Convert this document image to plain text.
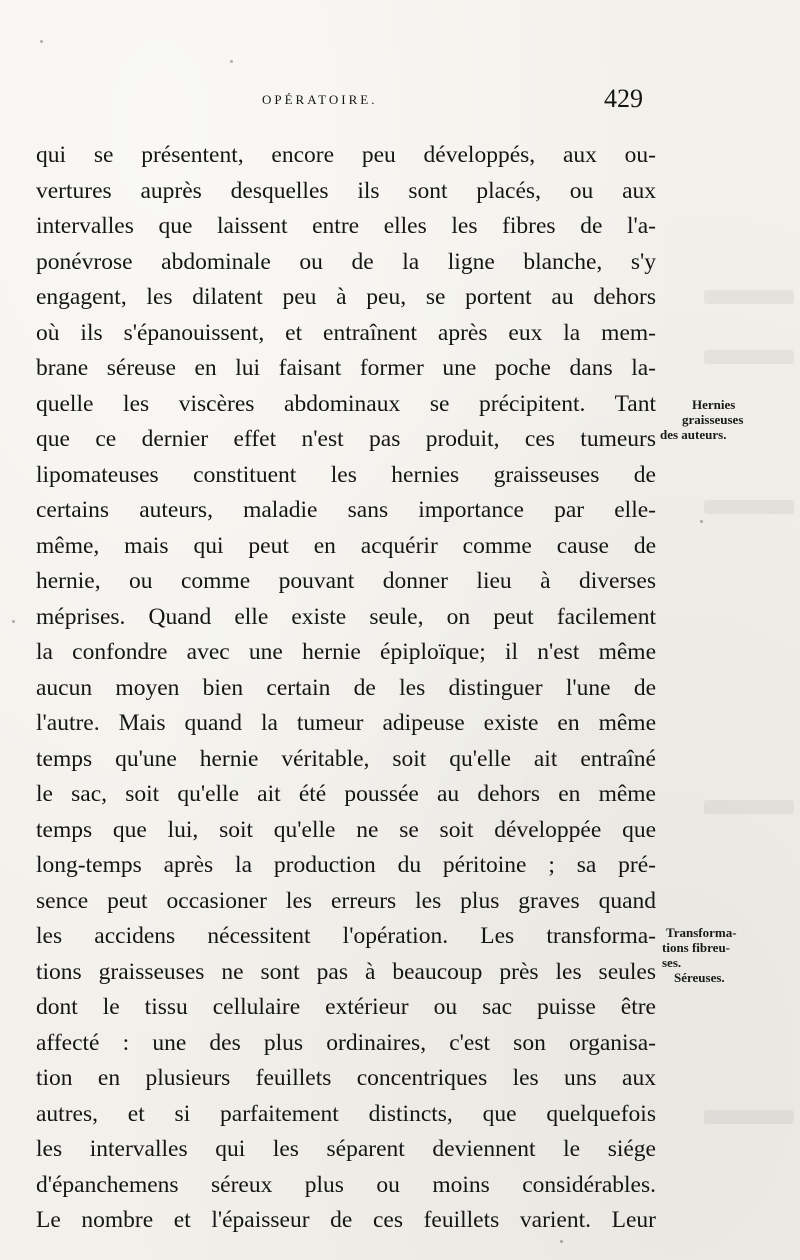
OPÉRATOIRE.	429
qui se présentent, encore peu développés, aux ou-
vertures auprès desquelles ils sont placés, ou aux
intervalles que laissent entre elles les fibres de l'a-
ponévrose abdominale ou de la ligne blanche, s'y
engagent, les dilatent peu à peu, se portent au dehors
où ils s'épanouissent, et entraînent après eux la mem-
brane séreuse en lui faisant former une poche dans la-
quelle les viscères abdominaux se précipitent. Tant
que ce dernier effet n'est pas produit, ces tumeurs
lipomateuses constituent les hernies graisseuses de
certains auteurs, maladie sans importance par elle-
même, mais qui peut en acquérir comme cause de
hernie, ou comme pouvant donner lieu à diverses
méprises. Quand elle existe seule, on peut facilement
la confondre avec une hernie épiploïque; il n'est même
aucun moyen bien certain de les distinguer l'une de
l'autre. Mais quand la tumeur adipeuse existe en même
temps qu'une hernie véritable, soit qu'elle ait entraîné
le sac, soit qu'elle ait été poussée au dehors en même
temps que lui, soit qu'elle ne se soit développée que
long-temps après la production du péritoine ; sa pré-
sence peut occasioner les erreurs les plus graves quand
les accidens nécessitent l'opération. Les transforma-
tions graisseuses ne sont pas à beaucoup près les seules
dont le tissu cellulaire extérieur ou sac puisse être
affecté : une des plus ordinaires, c'est son organisa-
tion en plusieurs feuillets concentriques les uns aux
autres, et si parfaitement distincts, que quelquefois
les intervalles qui les séparent deviennent le siége
d'épanchemens séreux plus ou moins considérables.
Le nombre et l'épaisseur de ces feuillets varient. Leur
Hernies
graisseuses
des auteurs.
Transforma-
tions fibreu-
ses.
Séreuses.
